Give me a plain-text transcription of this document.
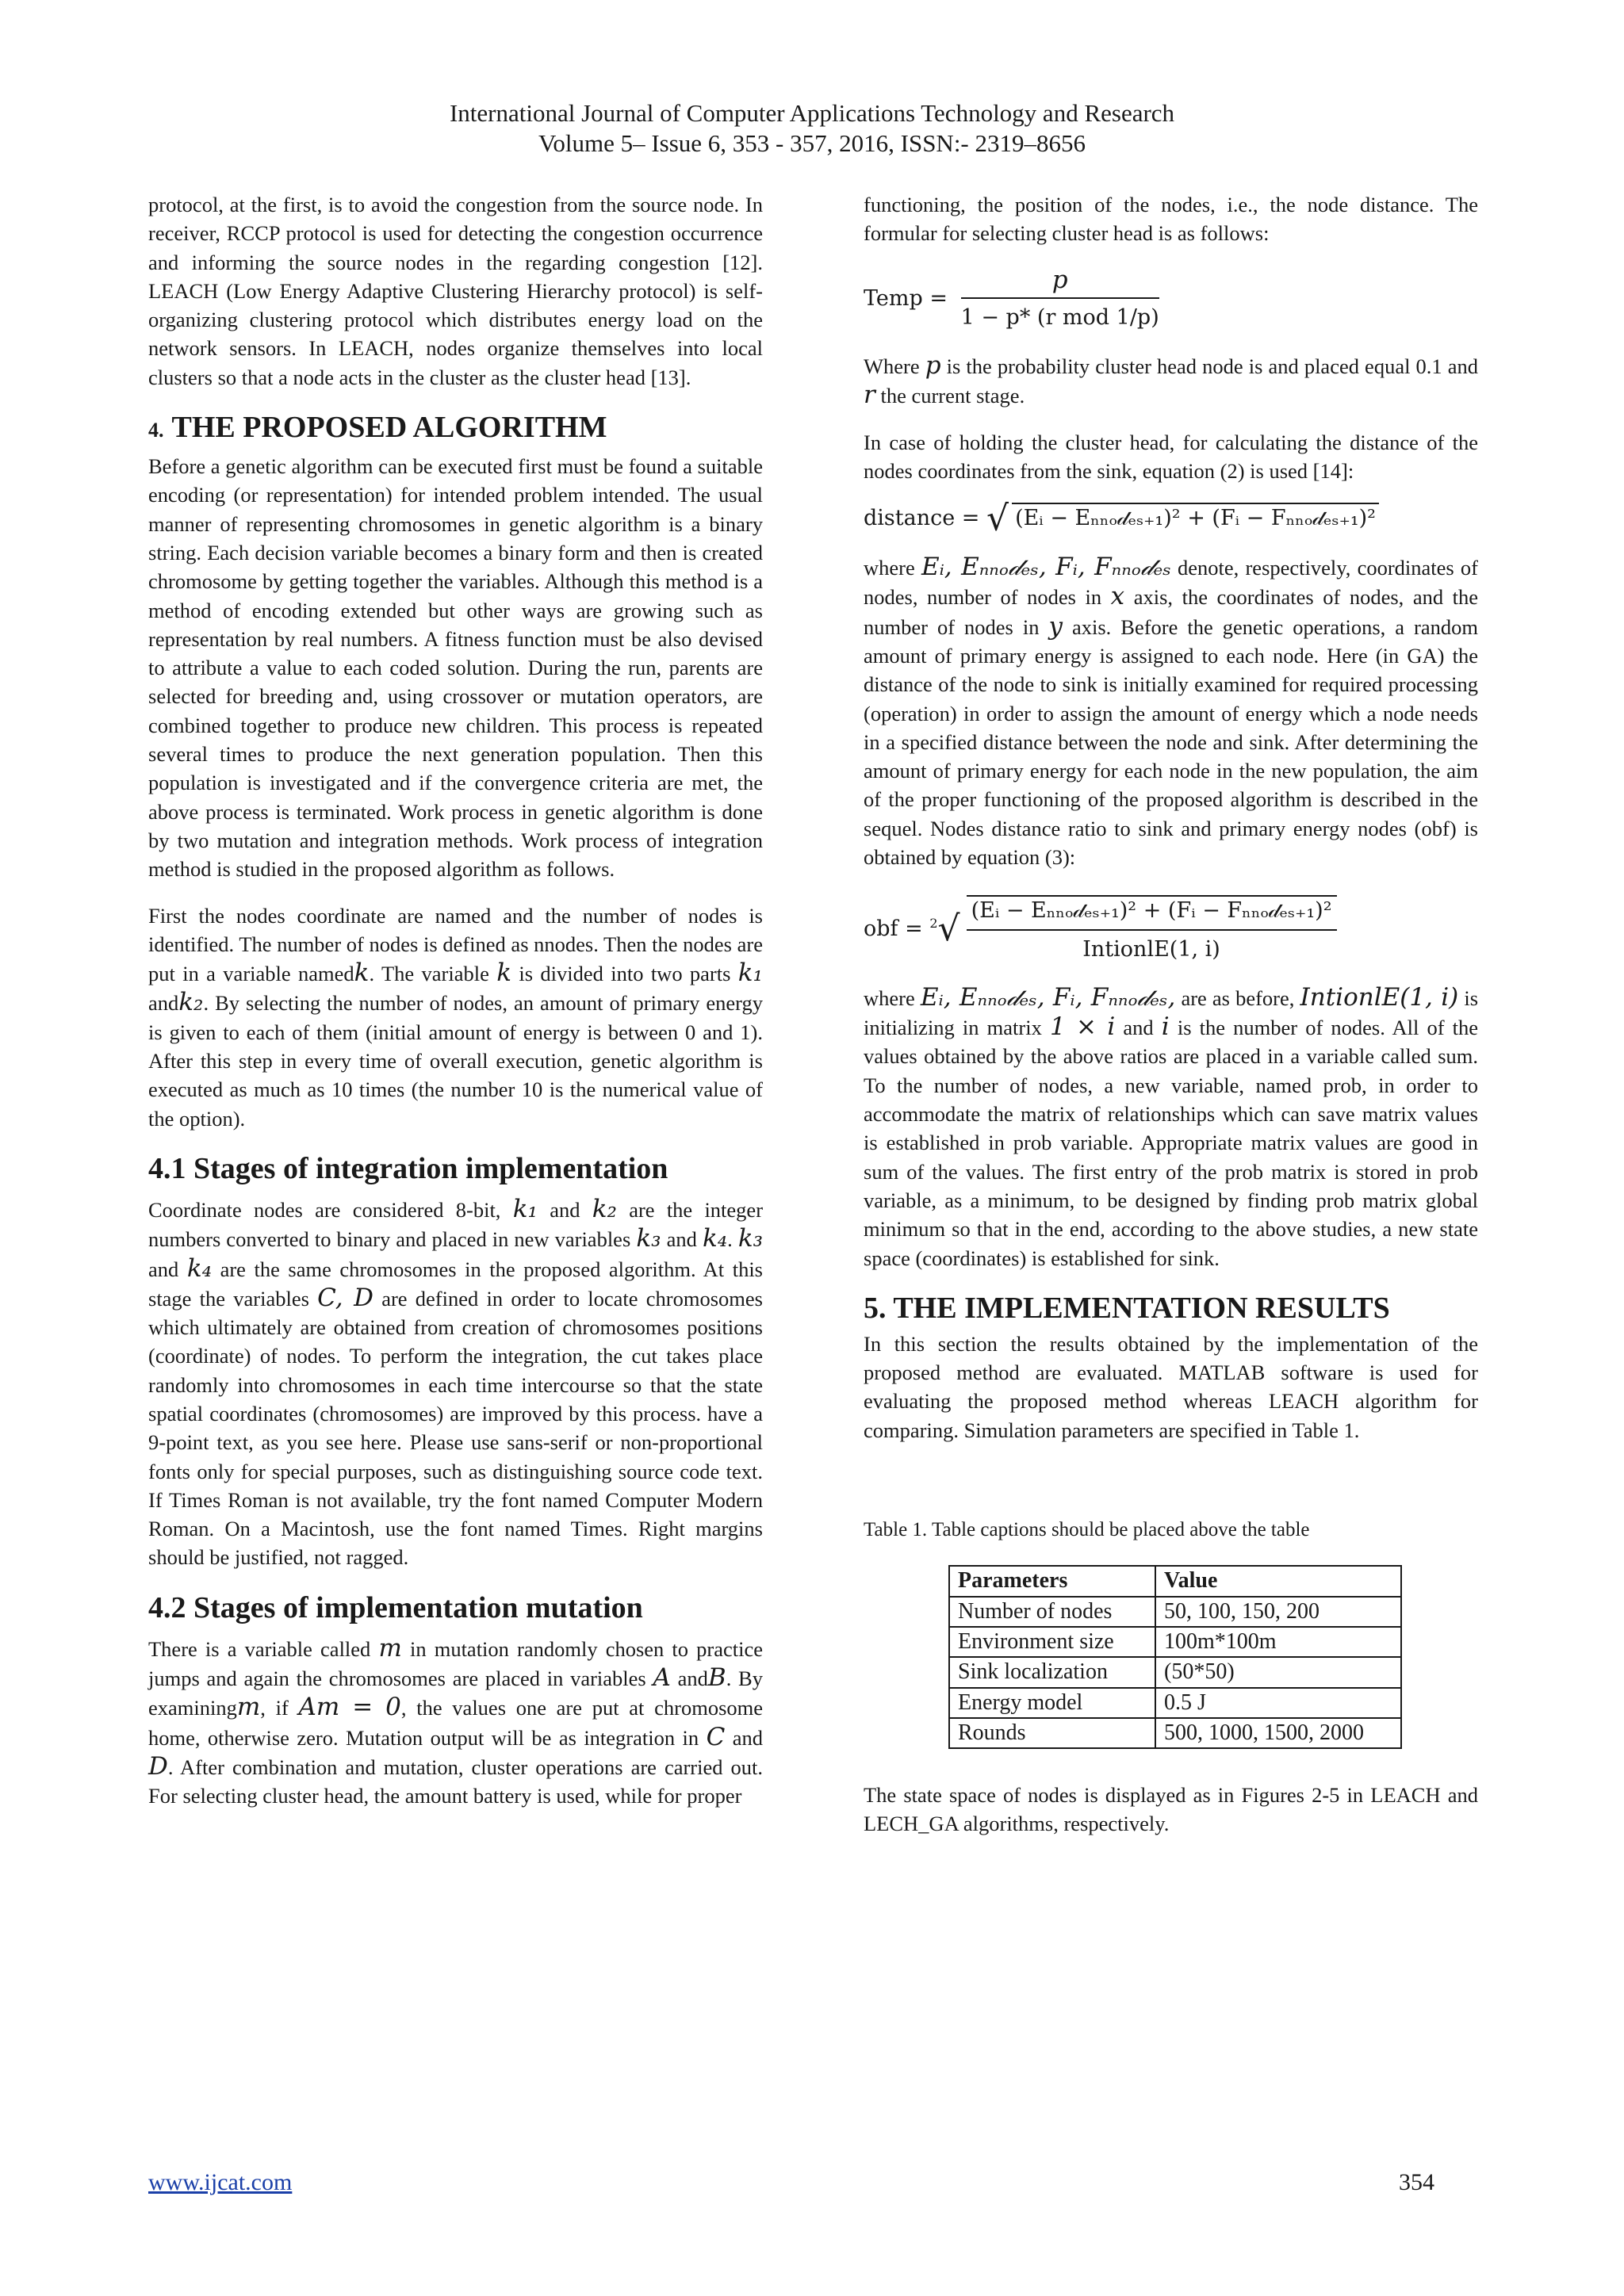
International Journal of Computer Applications Technology and Research
Volume 5– Issue 6, 353 - 357, 2016, ISSN:- 2319–8656

protocol, at the first, is to avoid the congestion from the source node. In receiver, RCCP protocol is used for detecting the congestion occurrence and informing the source nodes in the regarding congestion [12]. LEACH (Low Energy Adaptive Clustering Hierarchy protocol) is self-organizing clustering protocol which distributes energy load on the network sensors. In LEACH, nodes organize themselves into local clusters so that a node acts in the cluster as the cluster head [13].

4. THE PROPOSED ALGORITHM

Before a genetic algorithm can be executed first must be found a suitable encoding (or representation) for intended problem intended. The usual manner of representing chromosomes in genetic algorithm is a binary string. Each decision variable becomes a binary form and then is created chromosome by getting together the variables. Although this method is a method of encoding extended but other ways are growing such as representation by real numbers. A fitness function must be also devised to attribute a value to each coded solution. During the run, parents are selected for breeding and, using crossover or mutation operators, are combined together to produce new children. This process is repeated several times to produce the next generation population. Then this population is investigated and if the convergence criteria are met, the above process is terminated. Work process in genetic algorithm is done by two mutation and integration methods. Work process of integration method is studied in the proposed algorithm as follows.

First the nodes coordinate are named and the number of nodes is identified. The number of nodes is defined as nnodes. Then the nodes are put in a variable namedk. The variable k is divided into two parts k₁ andk₂. By selecting the number of nodes, an amount of primary energy is given to each of them (initial amount of energy is between 0 and 1). After this step in every time of overall execution, genetic algorithm is executed as much as 10 times (the number 10 is the numerical value of the option).

4.1 Stages of integration implementation

Coordinate nodes are considered 8-bit, k₁ and k₂ are the integer numbers converted to binary and placed in new variables k₃ and k₄. k₃ and k₄ are the same chromosomes in the proposed algorithm. At this stage the variables C, D are defined in order to locate chromosomes which ultimately are obtained from creation of chromosomes positions (coordinate) of nodes. To perform the integration, the cut takes place randomly into chromosomes in each time intercourse so that the state spatial coordinates (chromosomes) are improved by this process. have a 9-point text, as you see here. Please use sans-serif or non-proportional fonts only for special purposes, such as distinguishing source code text. If Times Roman is not available, try the font named Computer Modern Roman. On a Macintosh, use the font named Times. Right margins should be justified, not ragged.

4.2 Stages of implementation mutation

There is a variable called m in mutation randomly chosen to practice jumps and again the chromosomes are placed in variables A andB. By examiningm, if Am = 0, the values one are put at chromosome home, otherwise zero. Mutation output will be as integration in C and D. After combination and mutation, cluster operations are carried out. For selecting cluster head, the amount battery is used, while for proper

functioning, the position of the nodes, i.e., the node distance. The formular for selecting cluster head is as follows:

Temp = $\frac{p}{\text{1 − p* (r mod 1/p)}}$

Where p is the probability cluster head node is and placed equal 0.1 and r the current stage.

In case of holding the cluster head, for calculating the distance of the nodes coordinates from the sink, equation (2) is used [14]:

distance = √ (Eᵢ − Eₙₙₒ𝒹ₑₛ₊₁)² + (Fᵢ − Fₙₙₒ𝒹ₑₛ₊₁)²

where Eᵢ, Eₙₙₒ𝒹ₑₛ, Fᵢ, Fₙₙₒ𝒹ₑₛ denote, respectively, coordinates of nodes, number of nodes in x axis, the coordinates of nodes, and the number of nodes in y axis. Before the genetic operations, a random amount of primary energy is assigned to each node. Here (in GA) the distance of the node to sink is initially examined for required processing (operation) in order to assign the amount of energy which a node needs in a specified distance between the node and sink. After determining the amount of primary energy for each node in the new population, the aim of the proper functioning of the proposed algorithm is described in the sequel. Nodes distance ratio to sink and primary energy nodes (obf) is obtained by equation (3):

obf = $^2√ \frac{\text{(Eᵢ − Eₙₙₒ𝒹ₑₛ₊₁)² + (Fᵢ − Fₙₙₒ𝒹ₑₛ₊₁)²}}{\text{IntionlE(1, i)}}$

where Eᵢ, Eₙₙₒ𝒹ₑₛ, Fᵢ, Fₙₙₒ𝒹ₑₛ, are as before, IntionlE(1, i) is initializing in matrix 1 × i and i is the number of nodes. All of the values obtained by the above ratios are placed in a variable called sum. To the number of nodes, a new variable, named prob, in order to accommodate the matrix of relationships which can save matrix values is established in prob variable. Appropriate matrix values are good in sum of the values. The first entry of the prob matrix is stored in prob variable, as a minimum, to be designed by finding prob matrix global minimum so that in the end, according to the above studies, a new state space (coordinates) is established for sink.

5. THE IMPLEMENTATION RESULTS

In this section the results obtained by the implementation of the proposed method are evaluated. MATLAB software is used for evaluating the proposed method whereas LEACH algorithm for comparing. Simulation parameters are specified in Table 1.

Table 1. Table captions should be placed above the table
Parameters	Value
Number of nodes	50, 100, 150, 200
Environment size	100m*100m
Sink localization	(50*50)
Energy model	0.5 J
Rounds	500, 1000, 1500, 2000

The state space of nodes is displayed as in Figures 2-5 in LEACH and LECH_GA algorithms, respectively.

www.ijcat.com	354
